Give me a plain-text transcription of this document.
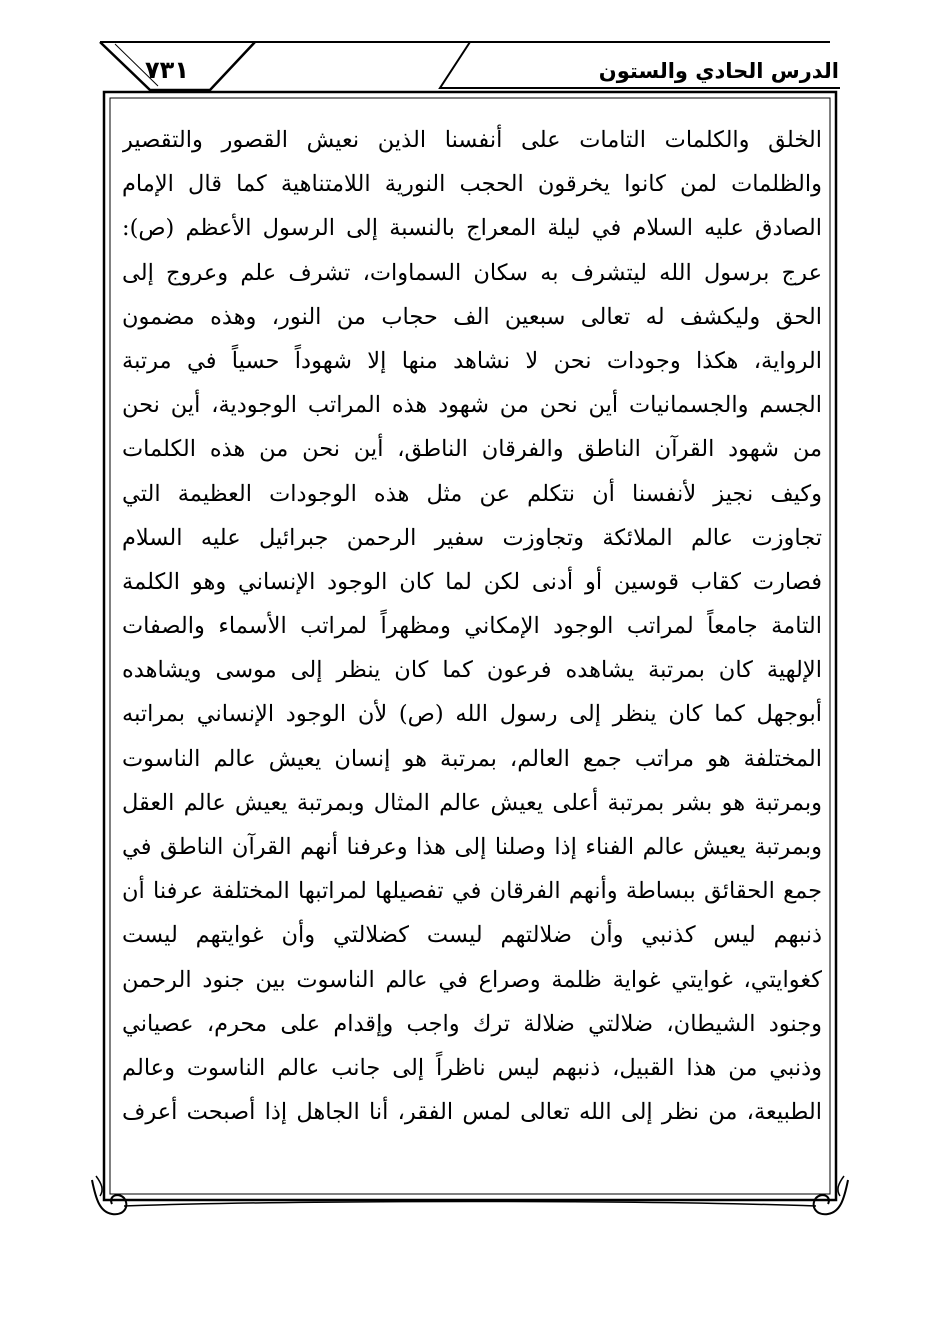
٧٣١	الدرس الحادي والستون
الخلق والكلمات التامات على أنفسنا الذين نعيش القصور والتقصير
والظلمات لمن كانوا يخرقون الحجب النورية اللامتناهية كما قال الإمام
الصادق عليه السلام في ليلة المعراج بالنسبة إلى الرسول الأعظم (ص):
عرج برسول الله ليتشرف به سكان السماوات، تشرف علم وعروج إلى
الحق وليكشف له تعالى سبعين الف حجاب من النور، وهذه مضمون
الرواية، هكذا وجودات نحن لا نشاهد منها إلا شهوداً حسياً في مرتبة
الجسم والجسمانيات أين نحن من شهود هذه المراتب الوجودية، أين نحن
من شهود القرآن الناطق والفرقان الناطق، أين نحن من هذه الكلمات
وكيف نجيز لأنفسنا أن نتكلم عن مثل هذه الوجودات العظيمة التي
تجاوزت عالم الملائكة وتجاوزت سفير الرحمن جبرائيل عليه السلام
فصارت كقاب قوسين أو أدنى لكن لما كان الوجود الإنساني وهو الكلمة
التامة جامعاً لمراتب الوجود الإمكاني ومظهراً لمراتب الأسماء والصفات
الإلهية كان بمرتبة يشاهده فرعون كما كان ينظر إلى موسى ويشاهده
أبوجهل كما كان ينظر إلى رسول الله (ص) لأن الوجود الإنساني بمراتبه
المختلفة هو مراتب جمع العالم، بمرتبة هو إنسان يعيش عالم الناسوت
وبمرتبة هو بشر بمرتبة أعلى يعيش عالم المثال وبمرتبة يعيش عالم العقل
وبمرتبة يعيش عالم الفناء إذا وصلنا إلى هذا وعرفنا أنهم القرآن الناطق في
جمع الحقائق ببساطة وأنهم الفرقان في تفصيلها لمراتبها المختلفة عرفنا أن
ذنبهم ليس كذنبي وأن ضلالتهم ليست كضلالتي وأن غوايتهم ليست
كغوايتي، غوايتي غواية ظلمة وصراع في عالم الناسوت بين جنود الرحمن
وجنود الشيطان، ضلالتي ضلالة ترك واجب وإقدام على محرم، عصياني
وذنبي من هذا القبيل، ذنبهم ليس ناظراً إلى جانب عالم الناسوت وعالم
الطبيعة، من نظر إلى الله تعالى لمس الفقر، أنا الجاهل إذا أصبحت أعرف
